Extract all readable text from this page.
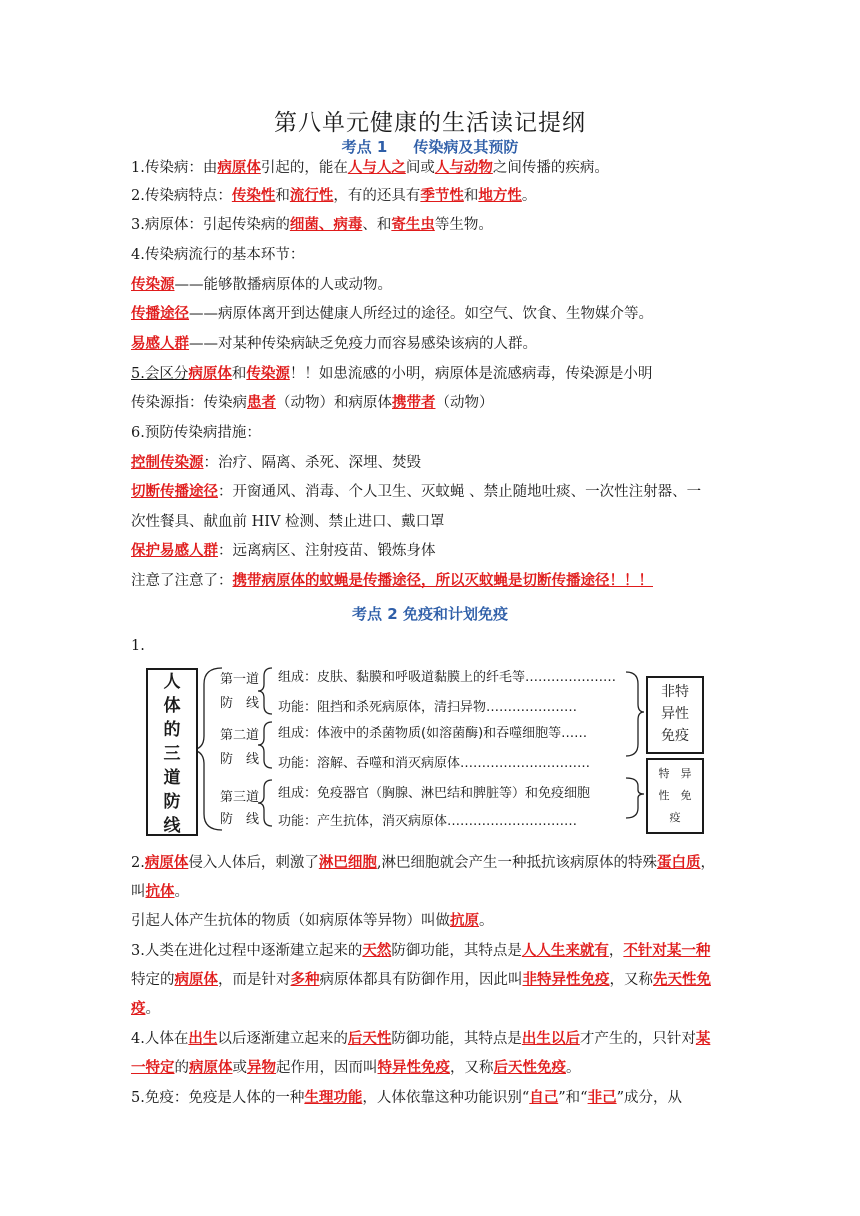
第八单元健康的生活读记提纲
考点 1 传染病及其预防
1.传染病：由病原体引起的，能在人与人之间或人与动物之间传播的疾病。
2.传染病特点：传染性和流行性，有的还具有季节性和地方性。
3.病原体：引起传染病的细菌、病毒、和寄生虫等生物。
4.传染病流行的基本环节：
传染源——能够散播病原体的人或动物。
传播途径——病原体离开到达健康人所经过的途径。如空气、饮食、生物媒介等。
易感人群——对某种传染病缺乏免疫力而容易感染该病的人群。
5.会区分病原体和传染源！！如患流感的小明，病原体是流感病毒，传染源是小明
传染源指：传染病患者（动物）和病原体携带者（动物）
6.预防传染病措施：
控制传染源：治疗、隔离、杀死、深埋、焚毁
切断传播途径：开窗通风、消毒、个人卫生、灭蚊蝇 、禁止随地吐痰、一次性注射器、一
次性餐具、献血前 HIV 检测、禁止进口、戴口罩
保护易感人群：远离病区、注射疫苗、锻炼身体
注意了注意了：携带病原体的蚊蝇是传播途径，所以灭蚊蝇是切断传播途径！！！
考点 2 免疫和计划免疫
1.
人
体
的
三
道
防
线
第一道
防　线
组成：皮肤、黏膜和呼吸道黏膜上的纤毛等…………………
功能：阻挡和杀死病原体，清扫异物…………………
第二道
防　线
组成：体液中的杀菌物质(如溶菌酶)和吞噬细胞等……
功能：溶解、吞噬和消灭病原体…………………………
第三道
防　线
组成：免疫器官（胸腺、淋巴结和脾脏等）和免疫细胞
功能：产生抗体，消灭病原体…………………………
非特
异性
免疫
特　异
性　免
疫
2.病原体侵入人体后，刺激了淋巴细胞,淋巴细胞就会产生一种抵抗该病原体的特殊蛋白质，
叫抗体。
引起人体产生抗体的物质（如病原体等异物）叫做抗原。
3.人类在进化过程中逐渐建立起来的天然防御功能，其特点是人人生来就有，不针对某一种
特定的病原体，而是针对多种病原体都具有防御作用，因此叫非特异性免疫，又称先天性免
疫。
4.人体在出生以后逐渐建立起来的后天性防御功能，其特点是出生以后才产生的，只针对某
一特定的病原体或异物起作用，因而叫特异性免疫，又称后天性免疫。
5.免疫：免疫是人体的一种生理功能，人体依靠这种功能识别“自己”和“非己”成分，从
